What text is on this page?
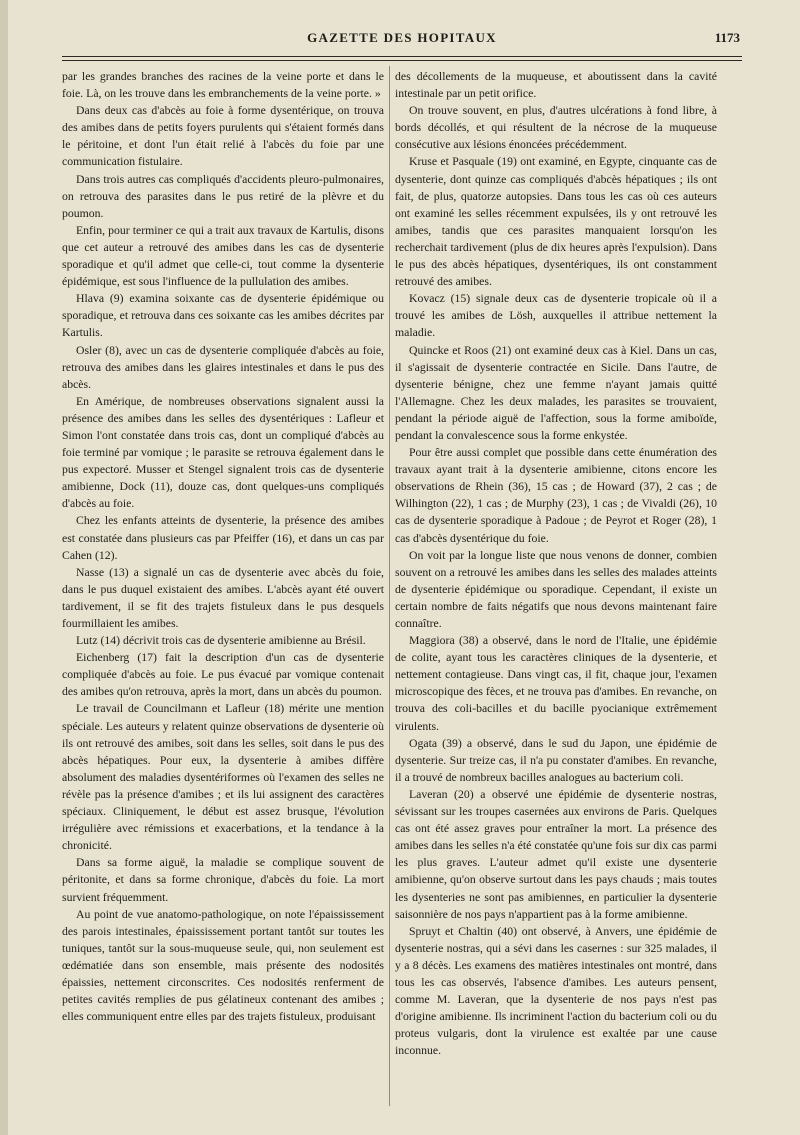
GAZETTE DES HOPITAUX	1173

par les grandes branches des racines de la veine porte et dans le foie. Là, on les trouve dans les embranchements de la veine porte. »

Dans deux cas d'abcès au foie à forme dysentérique, on trouva des amibes dans de petits foyers purulents qui s'étaient formés dans le péritoine, et dont l'un était relié à l'abcès du foie par une communication fistulaire.

Dans trois autres cas compliqués d'accidents pleuro-pulmonaires, on retrouva des parasites dans le pus retiré de la plèvre et du poumon.

Enfin, pour terminer ce qui a trait aux travaux de Kartulis, disons que cet auteur a retrouvé des amibes dans les cas de dysenterie sporadique et qu'il admet que celle-ci, tout comme la dysenterie épidémique, est sous l'influence de la pullulation des amibes.

Hlava (9) examina soixante cas de dysenterie épidémique ou sporadique, et retrouva dans ces soixante cas les amibes décrites par Kartulis.

Osler (8), avec un cas de dysenterie compliquée d'abcès au foie, retrouva des amibes dans les glaires intestinales et dans le pus des abcès.

En Amérique, de nombreuses observations signalent aussi la présence des amibes dans les selles des dysentériques : Lafleur et Simon l'ont constatée dans trois cas, dont un compliqué d'abcès au foie terminé par vomique ; le parasite se retrouva également dans le pus expectoré. Musser et Stengel signalent trois cas de dysenterie amibienne, Dock (11), douze cas, dont quelques-uns compliqués d'abcès au foie.

Chez les enfants atteints de dysenterie, la présence des amibes est constatée dans plusieurs cas par Pfeiffer (16), et dans un cas par Cahen (12).

Nasse (13) a signalé un cas de dysenterie avec abcès du foie, dans le pus duquel existaient des amibes. L'abcès ayant été ouvert tardivement, il se fit des trajets fistuleux dans le pus desquels fourmillaient les amibes.

Lutz (14) décrivit trois cas de dysenterie amibienne au Brésil.

Eichenberg (17) fait la description d'un cas de dysenterie compliquée d'abcès au foie. Le pus évacué par vomique contenait des amibes qu'on retrouva, après la mort, dans un abcès du poumon.

Le travail de Councilmann et Lafleur (18) mérite une mention spéciale. Les auteurs y relatent quinze observations de dysenterie où ils ont retrouvé des amibes, soit dans les selles, soit dans le pus des abcès hépatiques. Pour eux, la dysenterie à amibes diffère absolument des maladies dysentériformes où l'examen des selles ne révèle pas la présence d'amibes ; et ils lui assignent des caractères spéciaux. Cliniquement, le début est assez brusque, l'évolution irrégulière avec rémissions et exacerbations, et la tendance à la chronicité.

Dans sa forme aiguë, la maladie se complique souvent de péritonite, et dans sa forme chronique, d'abcès du foie. La mort survient fréquemment.

Au point de vue anatomo-pathologique, on note l'épaississement des parois intestinales, épaississement portant tantôt sur toutes les tuniques, tantôt sur la sous-muqueuse seule, qui, non seulement est œdématiée dans son ensemble, mais présente des nodosités épaissies, nettement circonscrites. Ces nodosités renferment de petites cavités remplies de pus gélatineux contenant des amibes ; elles communiquent entre elles par des trajets fistuleux, produisant

des décollements de la muqueuse, et aboutissent dans la cavité intestinale par un petit orifice.

On trouve souvent, en plus, d'autres ulcérations à fond libre, à bords décollés, et qui résultent de la nécrose de la muqueuse consécutive aux lésions énoncées précédemment.

Kruse et Pasquale (19) ont examiné, en Egypte, cinquante cas de dysenterie, dont quinze cas compliqués d'abcès hépatiques ; ils ont fait, de plus, quatorze autopsies. Dans tous les cas où ces auteurs ont examiné les selles récemment expulsées, ils y ont retrouvé les amibes, tandis que ces parasites manquaient lorsqu'on les recherchait tardivement (plus de dix heures après l'expulsion). Dans le pus des abcès hépatiques, dysentériques, ils ont constamment retrouvé des amibes.

Kovacz (15) signale deux cas de dysenterie tropicale où il a trouvé les amibes de Lösh, auxquelles il attribue nettement la maladie.

Quincke et Roos (21) ont examiné deux cas à Kiel. Dans un cas, il s'agissait de dysenterie contractée en Sicile. Dans l'autre, de dysenterie bénigne, chez une femme n'ayant jamais quitté l'Allemagne. Chez les deux malades, les parasites se trouvaient, pendant la période aiguë de l'affection, sous la forme amiboïde, pendant la convalescence sous la forme enkystée.

Pour être aussi complet que possible dans cette énumération des travaux ayant trait à la dysenterie amibienne, citons encore les observations de Rhein (36), 15 cas ; de Howard (37), 2 cas ; de Wilhington (22), 1 cas ; de Murphy (23), 1 cas ; de Vivaldi (26), 10 cas de dysenterie sporadique à Padoue ; de Peyrot et Roger (28), 1 cas d'abcès dysentérique du foie.

On voit par la longue liste que nous venons de donner, combien souvent on a retrouvé les amibes dans les selles des malades atteints de dysenterie épidémique ou sporadique. Cependant, il existe un certain nombre de faits négatifs que nous devons maintenant faire connaître.

Maggiora (38) a observé, dans le nord de l'Italie, une épidémie de colite, ayant tous les caractères cliniques de la dysenterie, et nettement contagieuse. Dans vingt cas, il fit, chaque jour, l'examen microscopique des fèces, et ne trouva pas d'amibes. En revanche, on trouva des coli-bacilles et du bacille pyocianique extrêmement virulents.

Ogata (39) a observé, dans le sud du Japon, une épidémie de dysenterie. Sur treize cas, il n'a pu constater d'amibes. En revanche, il a trouvé de nombreux bacilles analogues au bacterium coli.

Laveran (20) a observé une épidémie de dysenterie nostras, sévissant sur les troupes casernées aux environs de Paris. Quelques cas ont été assez graves pour entraîner la mort. La présence des amibes dans les selles n'a été constatée qu'une fois sur dix cas parmi les plus graves. L'auteur admet qu'il existe une dysenterie amibienne, qu'on observe surtout dans les pays chauds ; mais toutes les dysenteries ne sont pas amibiennes, en particulier la dysenterie saisonnière de nos pays n'appartient pas à la forme amibienne.

Spruyt et Chaltin (40) ont observé, à Anvers, une épidémie de dysenterie nostras, qui a sévi dans les casernes : sur 325 malades, il y a 8 décès. Les examens des matières intestinales ont montré, dans tous les cas observés, l'absence d'amibes. Les auteurs pensent, comme M. Laveran, que la dysenterie de nos pays n'est pas d'origine amibienne. Ils incriminent l'action du bacterium coli ou du proteus vulgaris, dont la virulence est exaltée par une cause inconnue.
